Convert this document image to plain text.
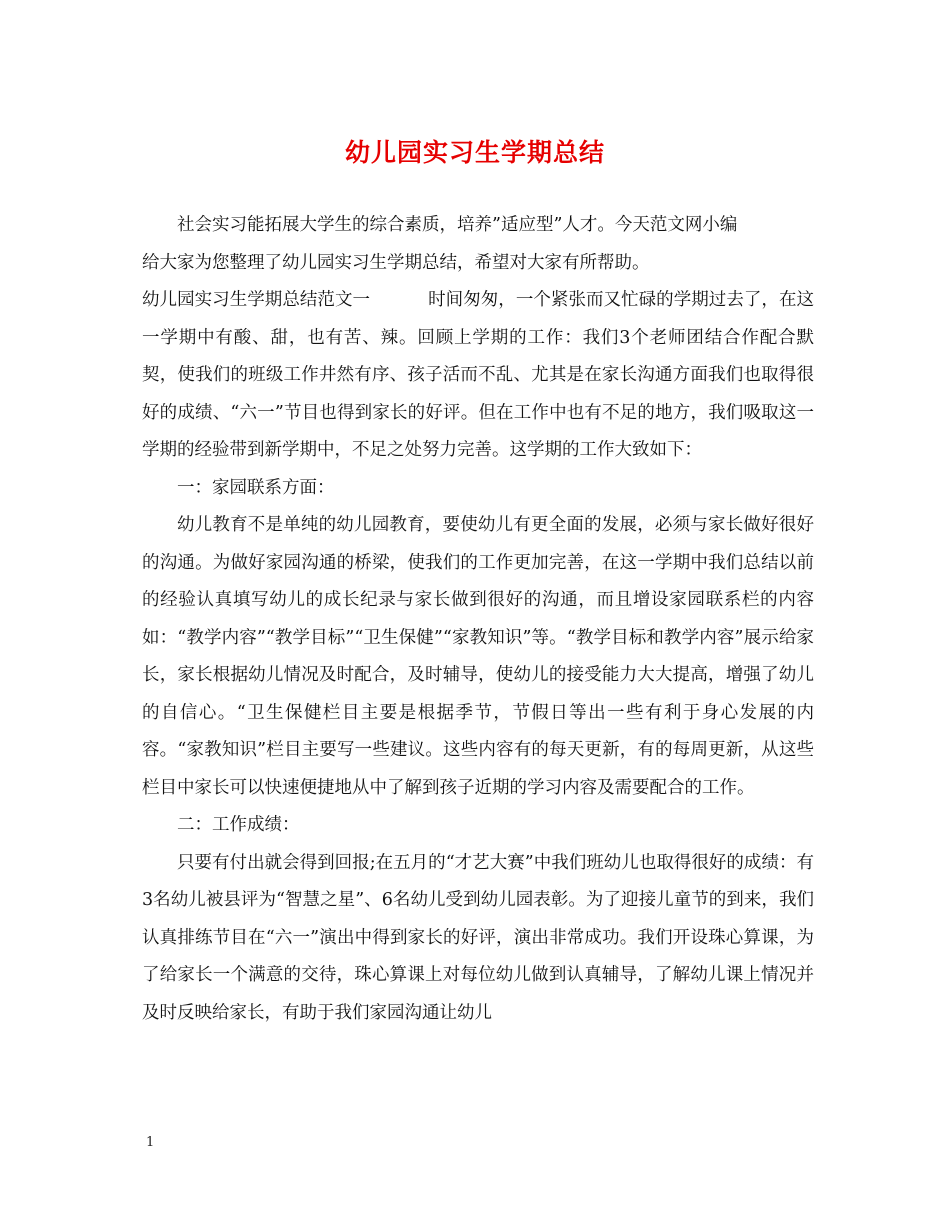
幼儿园实习生学期总结

社会实习能拓展大学生的综合素质，培养”适应型”人才。今天范文网小编
给大家为您整理了幼儿园实习生学期总结，希望对大家有所帮助。

幼儿园实习生学期总结范文一	时间匆匆，一个紧张而又忙碌的学期过去了，在这一学期中有酸、甜，也有苦、辣。回顾上学期的工作：我们3个老师团结合作配合默契，使我们的班级工作井然有序、孩子活而不乱、尤其是在家长沟通方面我们也取得很好的成绩、“六一”节目也得到家长的好评。但在工作中也有不足的地方，我们吸取这一学期的经验带到新学期中，不足之处努力完善。这学期的工作大致如下：

一：家园联系方面：

幼儿教育不是单纯的幼儿园教育，要使幼儿有更全面的发展，必须与家长做好很好的沟通。为做好家园沟通的桥梁，使我们的工作更加完善，在这一学期中我们总结以前的经验认真填写幼儿的成长纪录与家长做到很好的沟通，而且增设家园联系栏的内容如：“教学内容”“教学目标”“卫生保健”“家教知识”等。“教学目标和教学内容”展示给家长，家长根据幼儿情况及时配合，及时辅导，使幼儿的接受能力大大提高，增强了幼儿的自信心。“卫生保健栏目主要是根据季节，节假日等出一些有利于身心发展的内容。“家教知识”栏目主要写一些建议。这些内容有的每天更新，有的每周更新，从这些栏目中家长可以快速便捷地从中了解到孩子近期的学习内容及需要配合的工作。

二：工作成绩：

只要有付出就会得到回报;在五月的“才艺大赛”中我们班幼儿也取得很好的成绩：有3名幼儿被县评为“智慧之星”、6名幼儿受到幼儿园表彰。为了迎接儿童节的到来，我们认真排练节目在“六一”演出中得到家长的好评，演出非常成功。我们开设珠心算课，为了给家长一个满意的交待，珠心算课上对每位幼儿做到认真辅导，了解幼儿课上情况并及时反映给家长，有助于我们家园沟通让幼儿

1
